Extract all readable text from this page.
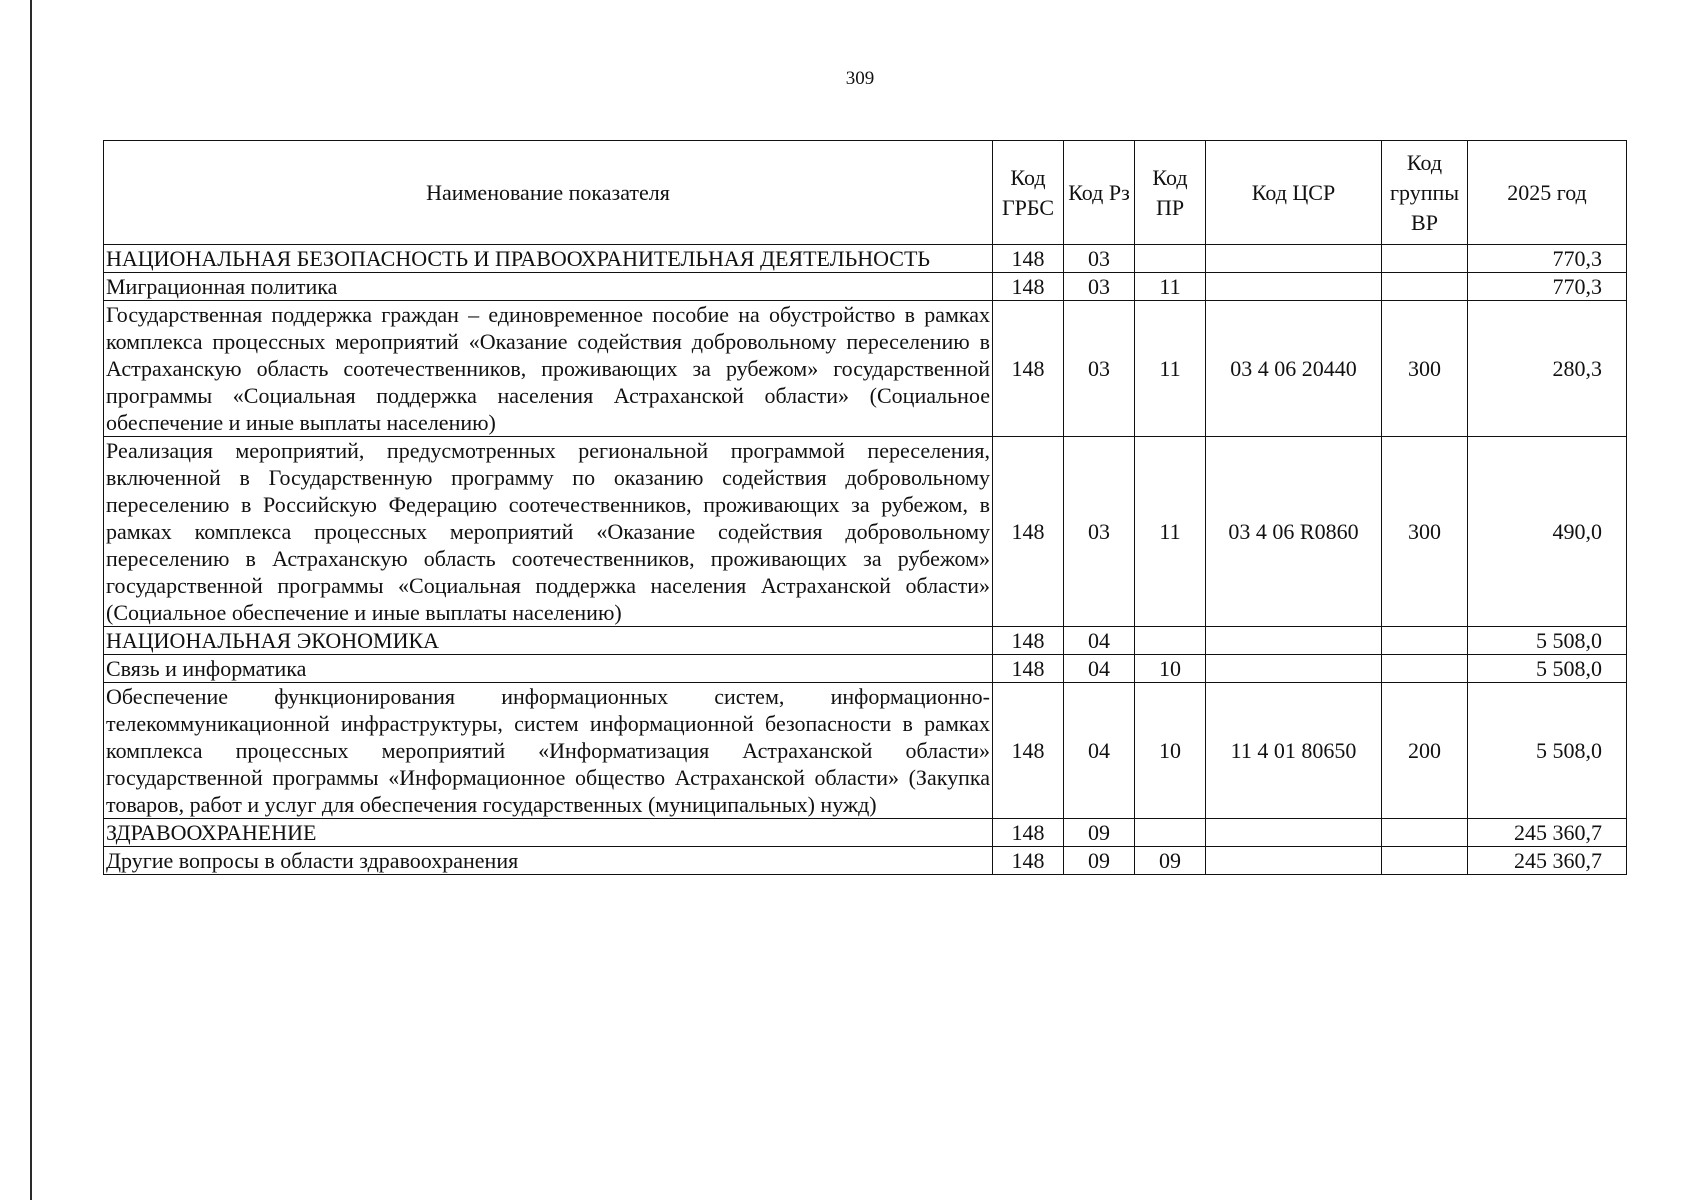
309
Наименование показателя	Код ГРБС	Код Рз	Код ПР	Код ЦСР	Код группы ВР	2025 год
НАЦИОНАЛЬНАЯ БЕЗОПАСНОСТЬ И ПРАВООХРАНИТЕЛЬНАЯ ДЕЯТЕЛЬНОСТЬ	148	03				770,3
Миграционная политика	148	03	11			770,3
Государственная поддержка граждан – единовременное пособие на обустройство в рамках комплекса процессных мероприятий «Оказание содействия добровольному переселению в Астраханскую область соотечественников, проживающих за рубежом» государственной программы «Социальная поддержка населения Астраханской области» (Социальное обеспечение и иные выплаты населению)	148	03	11	03 4 06 20440	300	280,3
Реализация мероприятий, предусмотренных региональной программой переселения, включенной в Государственную программу по оказанию содействия добровольному переселению в Российскую Федерацию соотечественников, проживающих за рубежом, в рамках комплекса процессных мероприятий «Оказание содействия добровольному переселению в Астраханскую область соотечественников, проживающих за рубежом» государственной программы «Социальная поддержка населения Астраханской области» (Социальное обеспечение и иные выплаты населению)	148	03	11	03 4 06 R0860	300	490,0
НАЦИОНАЛЬНАЯ ЭКОНОМИКА	148	04				5 508,0
Связь и информатика	148	04	10			5 508,0
Обеспечение функционирования информационных систем, информационно-телекоммуникационной инфраструктуры, систем информационной безопасности в рамках комплекса процессных мероприятий «Информатизация Астраханской области» государственной программы «Информационное общество Астраханской области» (Закупка товаров, работ и услуг для обеспечения государственных (муниципальных) нужд)	148	04	10	11 4 01 80650	200	5 508,0
ЗДРАВООХРАНЕНИЕ	148	09				245 360,7
Другие вопросы в области здравоохранения	148	09	09			245 360,7
